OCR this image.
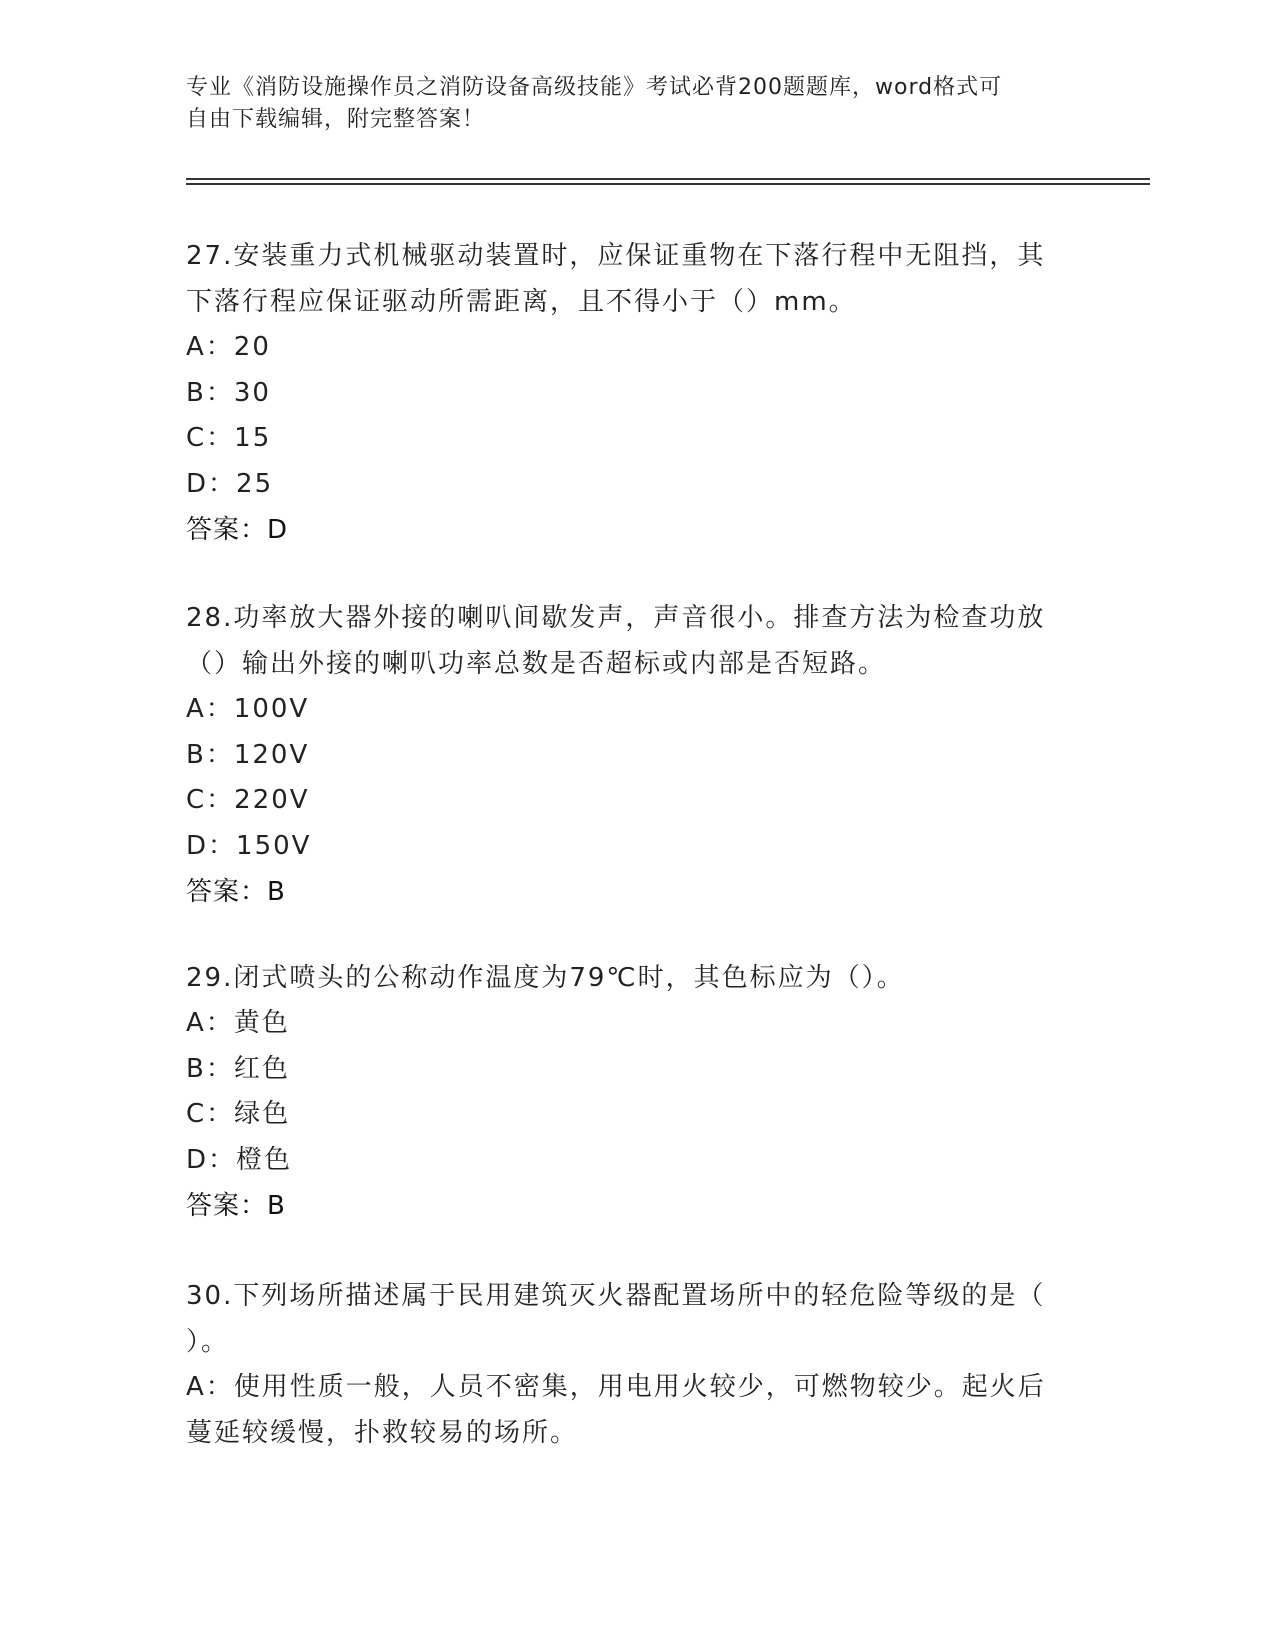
专业《消防设施操作员之消防设备高级技能》考试必背200题题库，word格式可
自由下载编辑，附完整答案！

27.安装重力式机械驱动装置时，应保证重物在下落行程中无阻挡，其

下落行程应保证驱动所需距离，且不得小于（）mm。

A：20

B：30

C：15

D：25

答案：D

28.功率放大器外接的喇叭间歇发声，声音很小。排查方法为检查功放

（）输出外接的喇叭功率总数是否超标或内部是否短路。

A：100V

B：120V

C：220V

D：150V

答案：B

29.闭式喷头的公称动作温度为79℃时，其色标应为（）。

A：黄色

B：红色

C：绿色

D：橙色

答案：B

30.下列场所描述属于民用建筑灭火器配置场所中的轻危险等级的是（

）。

A：使用性质一般，人员不密集，用电用火较少，可燃物较少。起火后

蔓延较缓慢，扑救较易的场所。
